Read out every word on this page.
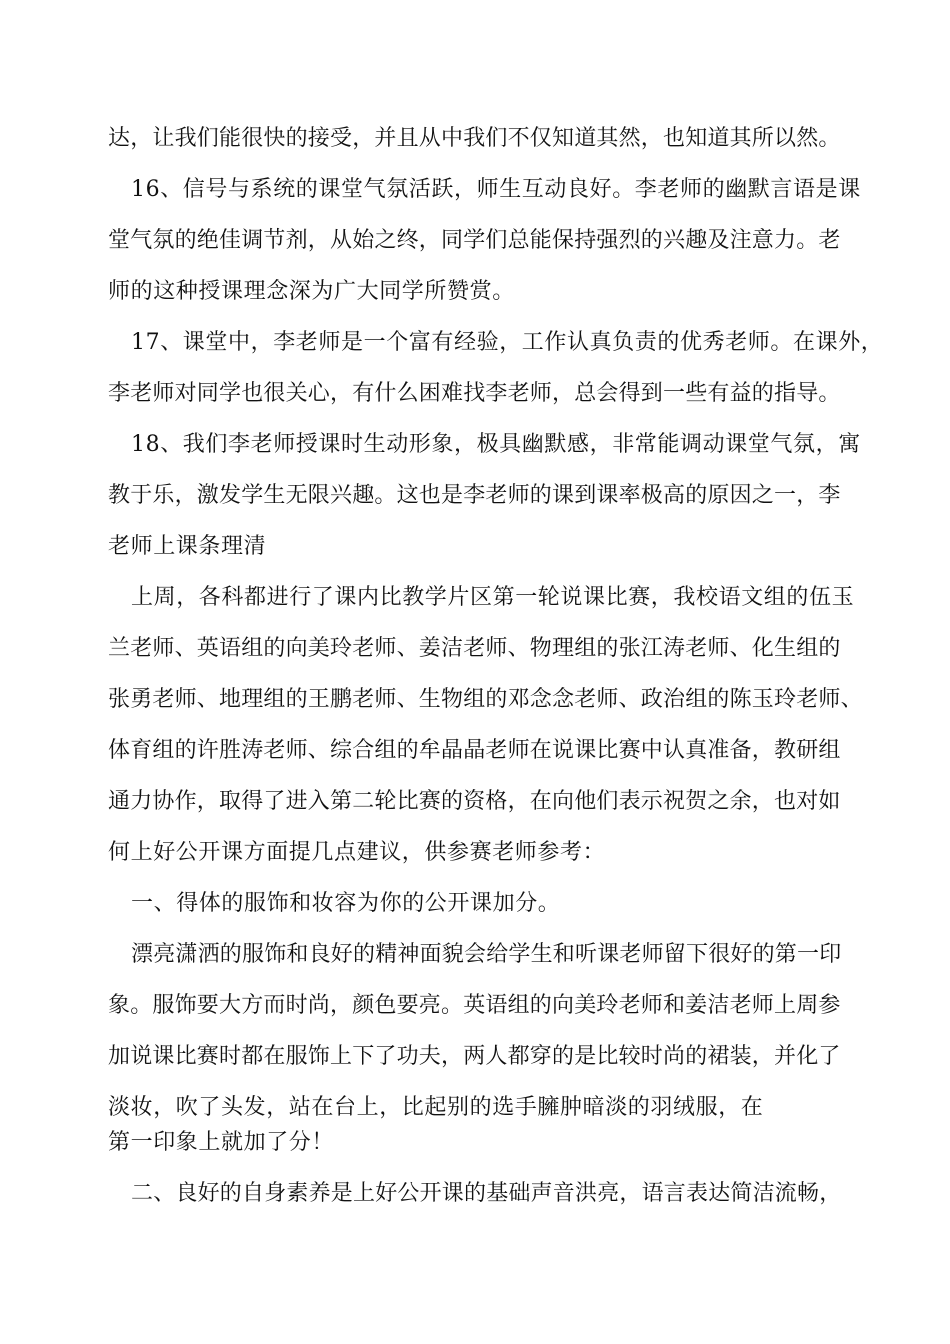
达，让我们能很快的接受，并且从中我们不仅知道其然，也知道其所以然。
16、信号与系统的课堂气氛活跃，师生互动良好。李老师的幽默言语是课
堂气氛的绝佳调节剂，从始之终，同学们总能保持强烈的兴趣及注意力。老
师的这种授课理念深为广大同学所赞赏。
17、课堂中，李老师是一个富有经验，工作认真负责的优秀老师。在课外，
李老师对同学也很关心，有什么困难找李老师，总会得到一些有益的指导。
18、我们李老师授课时生动形象，极具幽默感，非常能调动课堂气氛，寓
教于乐，激发学生无限兴趣。这也是李老师的课到课率极高的原因之一，李
老师上课条理清
上周，各科都进行了课内比教学片区第一轮说课比赛，我校语文组的伍玉
兰老师、英语组的向美玲老师、姜洁老师、物理组的张江涛老师、化生组的
张勇老师、地理组的王鹏老师、生物组的邓念念老师、政治组的陈玉玲老师、
体育组的许胜涛老师、综合组的牟晶晶老师在说课比赛中认真准备，教研组
通力协作，取得了进入第二轮比赛的资格，在向他们表示祝贺之余，也对如
何上好公开课方面提几点建议，供参赛老师参考：
一、得体的服饰和妆容为你的公开课加分。
漂亮潇洒的服饰和良好的精神面貌会给学生和听课老师留下很好的第一印
象。服饰要大方而时尚，颜色要亮。英语组的向美玲老师和姜洁老师上周参
加说课比赛时都在服饰上下了功夫，两人都穿的是比较时尚的裙装，并化了
淡妆，吹了头发，站在台上，比起别的选手臃肿暗淡的羽绒服，在
第一印象上就加了分！
二、良好的自身素养是上好公开课的基础声音洪亮，语言表达简洁流畅，
